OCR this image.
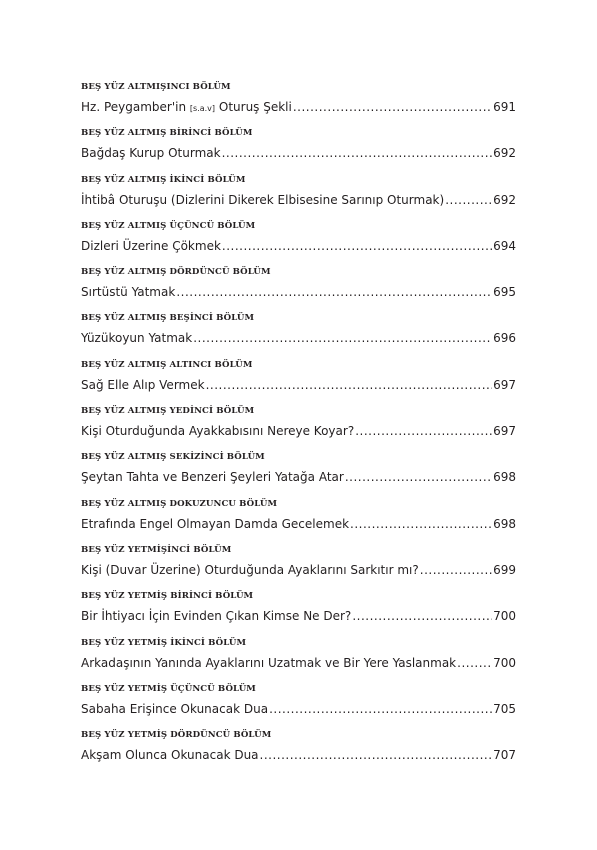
BEŞ YÜZ ALTMIŞINCI BÖLÜM
Hz. Peygamber'in [s.a.v] Oturuş Şekli .....	691
BEŞ YÜZ ALTMIŞ BİRİNCİ BÖLÜM
Bağdaş Kurup Oturmak .....	692
BEŞ YÜZ ALTMIŞ İKİNCİ BÖLÜM
İhtibâ Oturuşu (Dizlerini Dikerek Elbisesine Sarınıp Oturmak) .....	692
BEŞ YÜZ ALTMIŞ ÜÇÜNCÜ BÖLÜM
Dizleri Üzerine Çökmek .....	694
BEŞ YÜZ ALTMIŞ DÖRDÜNCÜ BÖLÜM
Sırtüstü Yatmak .....	695
BEŞ YÜZ ALTMIŞ BEŞİNCİ BÖLÜM
Yüzükoyun Yatmak .....	696
BEŞ YÜZ ALTMIŞ ALTINCI BÖLÜM
Sağ Elle Alıp Vermek .....	697
BEŞ YÜZ ALTMIŞ YEDİNCİ BÖLÜM
Kişi Oturduğunda Ayakkabısını Nereye Koyar? .....	697
BEŞ YÜZ ALTMIŞ SEKİZİNCİ BÖLÜM
Şeytan Tahta ve Benzeri Şeyleri Yatağa Atar .....	698
BEŞ YÜZ ALTMIŞ DOKUZUNCU BÖLÜM
Etrafında Engel Olmayan Damda Gecelemek .....	698
BEŞ YÜZ YETMİŞİNCİ BÖLÜM
Kişi (Duvar Üzerine) Oturduğunda Ayaklarını Sarkıtır mı? .....	699
BEŞ YÜZ YETMİŞ BİRİNCİ BÖLÜM
Bir İhtiyacı İçin Evinden Çıkan Kimse Ne Der? .....	700
BEŞ YÜZ YETMİŞ İKİNCİ BÖLÜM
Arkadaşının Yanında Ayaklarını Uzatmak ve Bir Yere Yaslanmak .....	700
BEŞ YÜZ YETMİŞ ÜÇÜNCÜ BÖLÜM
Sabaha Erişince Okunacak Dua .....	705
BEŞ YÜZ YETMİŞ DÖRDÜNCÜ BÖLÜM
Akşam Olunca Okunacak Dua .....	707
